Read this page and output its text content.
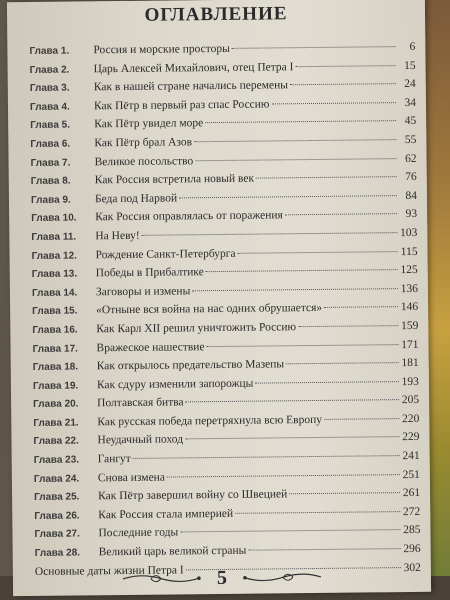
ОГЛАВЛЕНИЕ
Глава 1.	Россия и морские просторы	6
Глава 2.	Царь Алексей Михайлович, отец Петра I	15
Глава 3.	Как в нашей стране начались перемены	24
Глава 4.	Как Пётр в первый раз спас Россию	34
Глава 5.	Как Пётр увидел море	45
Глава 6.	Как Пётр брал Азов	55
Глава 7.	Великое посольство	62
Глава 8.	Как Россия встретила новый век	76
Глава 9.	Беда под Нарвой	84
Глава 10.	Как Россия оправлялась от поражения	93
Глава 11.	На Неву!	103
Глава 12.	Рождение Санкт-Петербурга	115
Глава 13.	Победы в Прибалтике	125
Глава 14.	Заговоры и измены	136
Глава 15.	«Отныне вся война на нас одних обрушается»	146
Глава 16.	Как Карл XII решил уничтожить Россию	159
Глава 17.	Вражеское нашествие	171
Глава 18.	Как открылось предательство Мазепы	181
Глава 19.	Как сдуру изменили запорожцы	193
Глава 20.	Полтавская битва	205
Глава 21.	Как русская победа перетряхнула всю Европу	220
Глава 22.	Неудачный поход	229
Глава 23.	Гангут	241
Глава 24.	Снова измена	251
Глава 25.	Как Пётр завершил войну со Швецией	261
Глава 26.	Как Россия стала империей	272
Глава 27.	Последние годы	285
Глава 28.	Великий царь великой страны	296
Основные даты жизни Петра I	302
5
